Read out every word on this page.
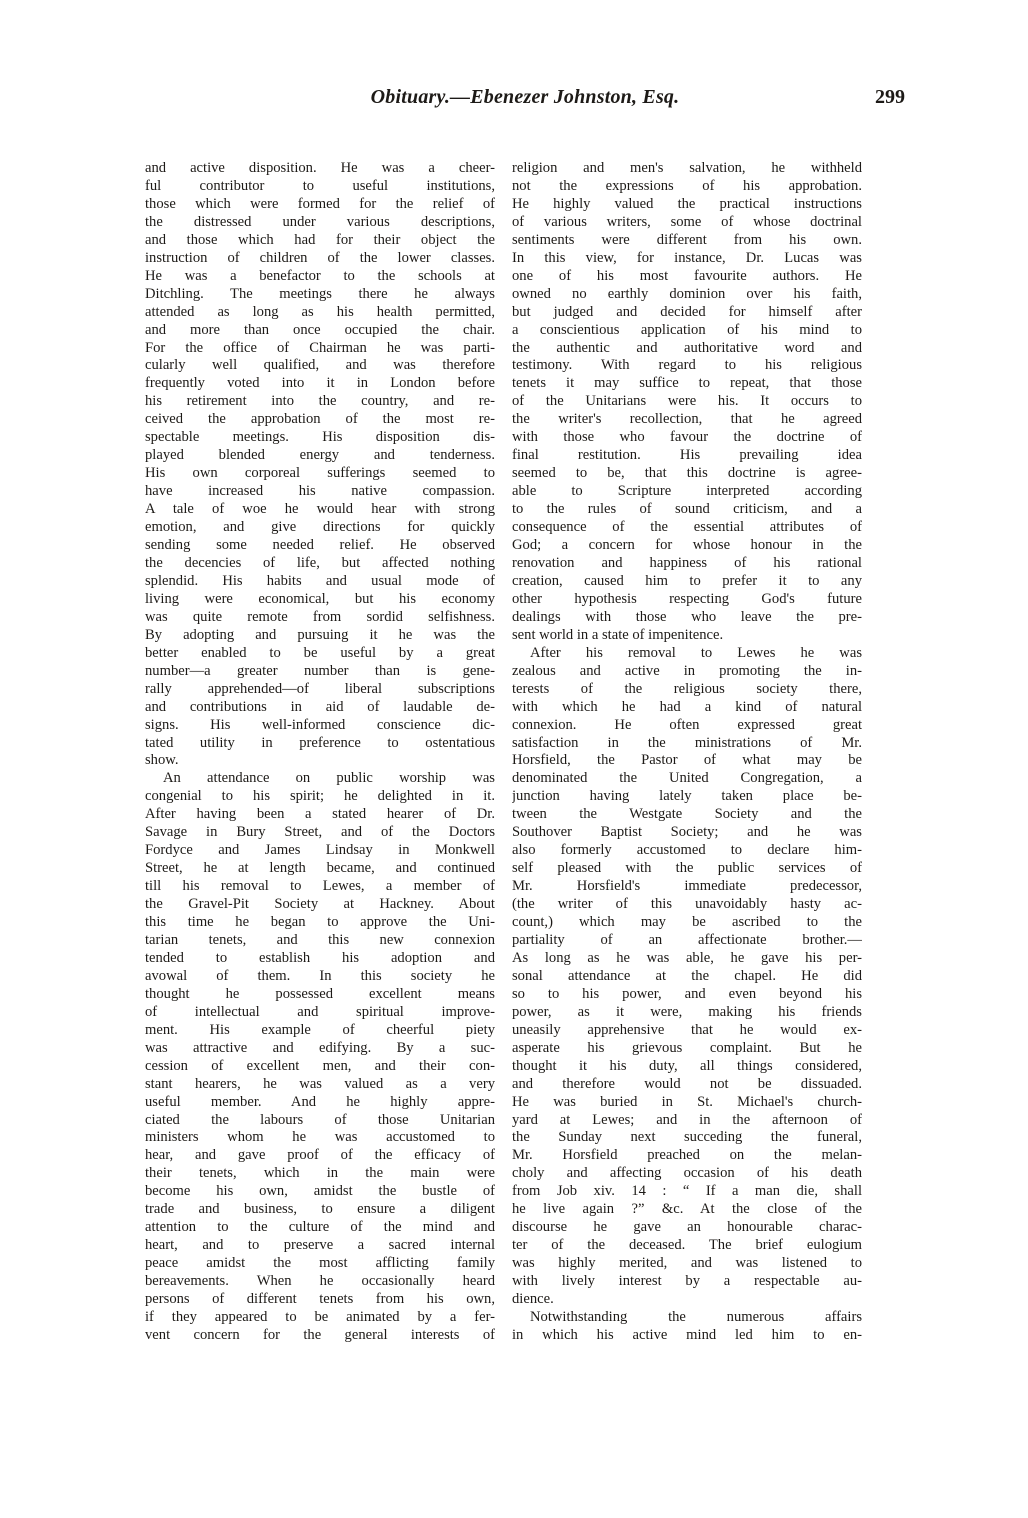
Obituary.—Ebenezer Johnston, Esq.	299
and active disposition. He was a cheer-
ful contributor to useful institutions,
those which were formed for the relief of
the distressed under various descriptions,
and those which had for their object the
instruction of children of the lower classes.
He was a benefactor to the schools at
Ditchling. The meetings there he always
attended as long as his health permitted,
and more than once occupied the chair.
For the office of Chairman he was parti-
cularly well qualified, and was therefore
frequently voted into it in London before
his retirement into the country, and re-
ceived the approbation of the most re-
spectable meetings. His disposition dis-
played blended energy and tenderness.
His own corporeal sufferings seemed to
have increased his native compassion.
A tale of woe he would hear with strong
emotion, and give directions for quickly
sending some needed relief. He observed
the decencies of life, but affected nothing
splendid. His habits and usual mode of
living were economical, but his economy
was quite remote from sordid selfishness.
By adopting and pursuing it he was the
better enabled to be useful by a great
number—a greater number than is gene-
rally apprehended—of liberal subscriptions
and contributions in aid of laudable de-
signs. His well-informed conscience dic-
tated utility in preference to ostentatious
show.
An attendance on public worship was
congenial to his spirit; he delighted in it.
After having been a stated hearer of Dr.
Savage in Bury Street, and of the Doctors
Fordyce and James Lindsay in Monkwell
Street, he at length became, and continued
till his removal to Lewes, a member of
the Gravel-Pit Society at Hackney. About
this time he began to approve the Uni-
tarian tenets, and this new connexion
tended to establish his adoption and
avowal of them. In this society he
thought he possessed excellent means
of intellectual and spiritual improve-
ment. His example of cheerful piety
was attractive and edifying. By a suc-
cession of excellent men, and their con-
stant hearers, he was valued as a very
useful member. And he highly appre-
ciated the labours of those Unitarian
ministers whom he was accustomed to
hear, and gave proof of the efficacy of
their tenets, which in the main were
become his own, amidst the bustle of
trade and business, to ensure a diligent
attention to the culture of the mind and
heart, and to preserve a sacred internal
peace amidst the most afflicting family
bereavements. When he occasionally heard
persons of different tenets from his own,
if they appeared to be animated by a fer-
vent concern for the general interests of
religion and men's salvation, he withheld
not the expressions of his approbation.
He highly valued the practical instructions
of various writers, some of whose doctrinal
sentiments were different from his own.
In this view, for instance, Dr. Lucas was
one of his most favourite authors. He
owned no earthly dominion over his faith,
but judged and decided for himself after
a conscientious application of his mind to
the authentic and authoritative word and
testimony. With regard to his religious
tenets it may suffice to repeat, that those
of the Unitarians were his. It occurs to
the writer's recollection, that he agreed
with those who favour the doctrine of
final restitution. His prevailing idea
seemed to be, that this doctrine is agree-
able to Scripture interpreted according
to the rules of sound criticism, and a
consequence of the essential attributes of
God; a concern for whose honour in the
renovation and happiness of his rational
creation, caused him to prefer it to any
other hypothesis respecting God's future
dealings with those who leave the pre-
sent world in a state of impenitence.
After his removal to Lewes he was
zealous and active in promoting the in-
terests of the religious society there,
with which he had a kind of natural
connexion. He often expressed great
satisfaction in the ministrations of Mr.
Horsfield, the Pastor of what may be
denominated the United Congregation, a
junction having lately taken place be-
tween the Westgate Society and the
Southover Baptist Society; and he was
also formerly accustomed to declare him-
self pleased with the public services of
Mr. Horsfield's immediate predecessor,
(the writer of this unavoidably hasty ac-
count,) which may be ascribed to the
partiality of an affectionate brother.—
As long as he was able, he gave his per-
sonal attendance at the chapel. He did
so to his power, and even beyond his
power, as it were, making his friends
uneasily apprehensive that he would ex-
asperate his grievous complaint. But he
thought it his duty, all things considered,
and therefore would not be dissuaded.
He was buried in St. Michael's church-
yard at Lewes; and in the afternoon of
the Sunday next succeding the funeral,
Mr. Horsfield preached on the melan-
choly and affecting occasion of his death
from Job xiv. 14 : “ If a man die, shall
he live again ?” &c. At the close of the
discourse he gave an honourable charac-
ter of the deceased. The brief eulogium
was highly merited, and was listened to
with lively interest by a respectable au-
dience.
Notwithstanding the numerous affairs
in which his active mind led him to en-
